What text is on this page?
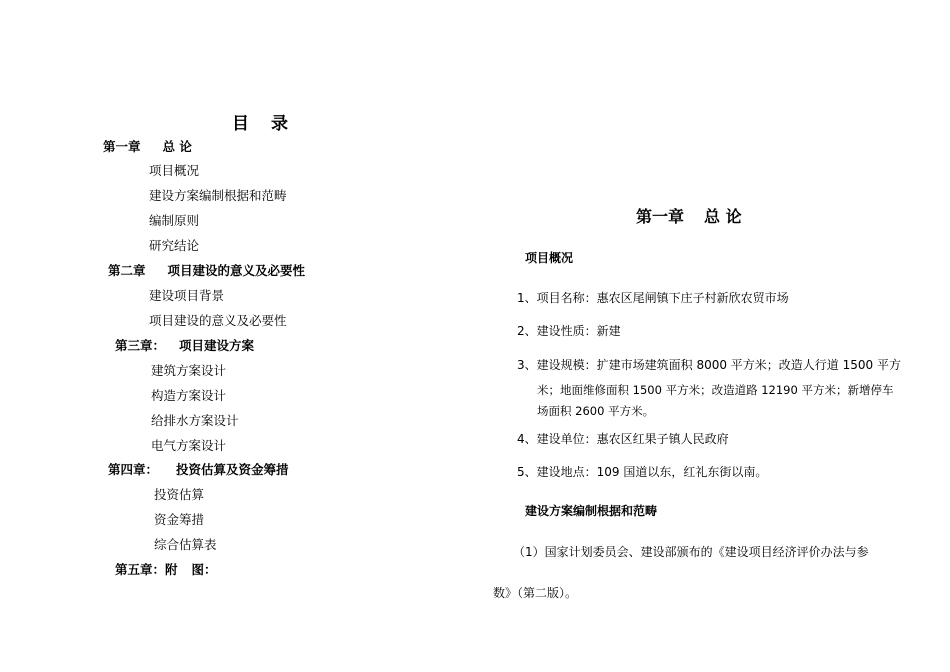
目录
第一章 总 论
项目概况
建设方案编制根据和范畴
编制原则
研究结论
第二章 项目建设的意义及必要性
建设项目背景
项目建设的意义及必要性
第三章： 项目建设方案
建筑方案设计
构造方案设计
给排水方案设计
电气方案设计
第四章： 投资估算及资金筹措
投资估算
资金筹措
综合估算表
第五章：附 图：
第一章 总 论
项目概况
1、项目名称：惠农区尾闸镇下庄子村新欣农贸市场
2、建设性质：新建
3、建设规模：扩建市场建筑面积 8000 平方米；改造人行道 1500 平方
米；地面维修面积 1500 平方米；改造道路 12190 平方米；新增停车
场面积 2600 平方米。
4、建设单位：惠农区红果子镇人民政府
5、建设地点：109 国道以东，红礼东街以南。
建设方案编制根据和范畴
（1）国家计划委员会、建设部颁布的《建设项目经济评价办法与参
数》（第二版）。
